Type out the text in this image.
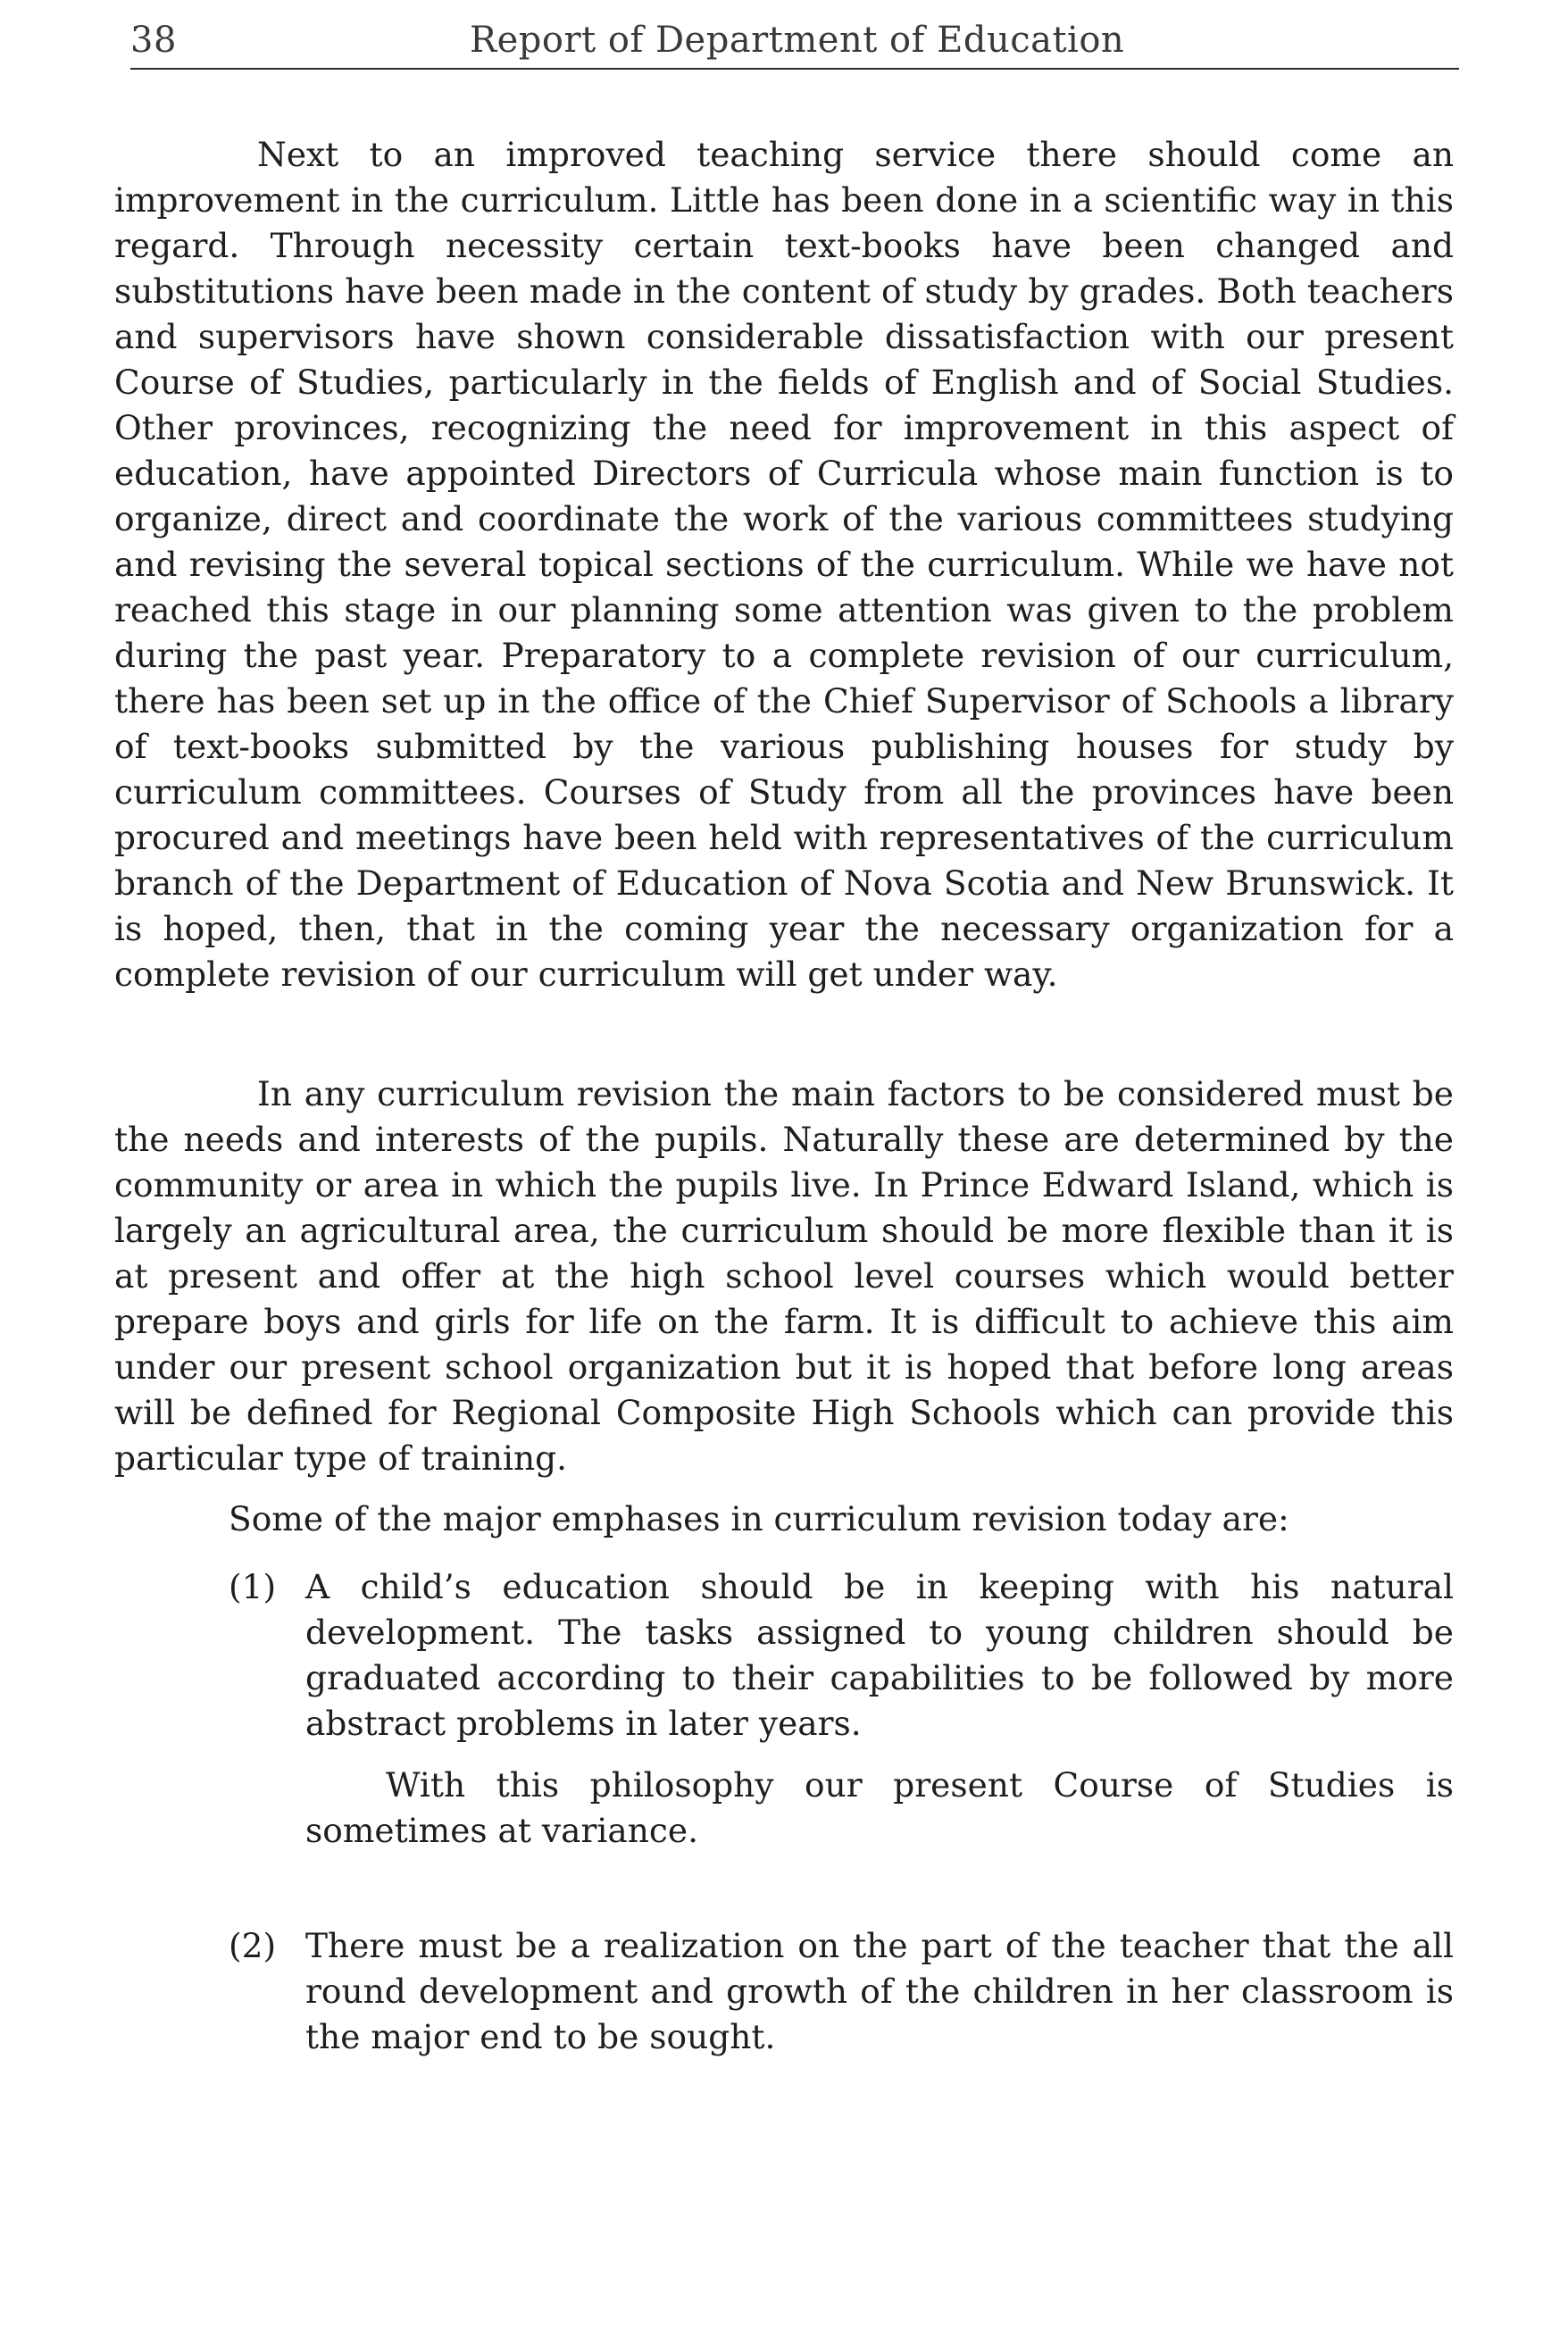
38	Report of Department of Education

Next to an improved teaching service there should come an improvement in the curriculum. Little has been done in a scientific way in this regard. Through necessity certain text-books have been changed and substitutions have been made in the content of study by grades. Both teachers and supervisors have shown considerable dissatisfaction with our present Course of Studies, particularly in the fields of English and of Social Studies. Other provinces, recognizing the need for improvement in this aspect of education, have appointed Directors of Curricula whose main function is to organize, direct and coordinate the work of the various committees studying and revising the several topical sections of the curriculum. While we have not reached this stage in our planning some attention was given to the problem during the past year. Preparatory to a complete revision of our curriculum, there has been set up in the office of the Chief Supervisor of Schools a library of text-books submitted by the various publishing houses for study by curriculum committees. Courses of Study from all the provinces have been procured and meetings have been held with representatives of the curriculum branch of the Department of Education of Nova Scotia and New Brunswick. It is hoped, then, that in the coming year the necessary organization for a complete revision of our curriculum will get under way.

In any curriculum revision the main factors to be considered must be the needs and interests of the pupils. Naturally these are determined by the community or area in which the pupils live. In Prince Edward Island, which is largely an agricultural area, the curriculum should be more flexible than it is at present and offer at the high school level courses which would better prepare boys and girls for life on the farm. It is difficult to achieve this aim under our present school organization but it is hoped that before long areas will be defined for Regional Composite High Schools which can provide this particular type of training.

Some of the major emphases in curriculum revision today are:

(1) A child’s education should be in keeping with his natural development. The tasks assigned to young children should be graduated according to their capabilities to be followed by more abstract problems in later years.

With this philosophy our present Course of Studies is sometimes at variance.

(2) There must be a realization on the part of the teacher that the all round development and growth of the children in her classroom is the major end to be sought.
